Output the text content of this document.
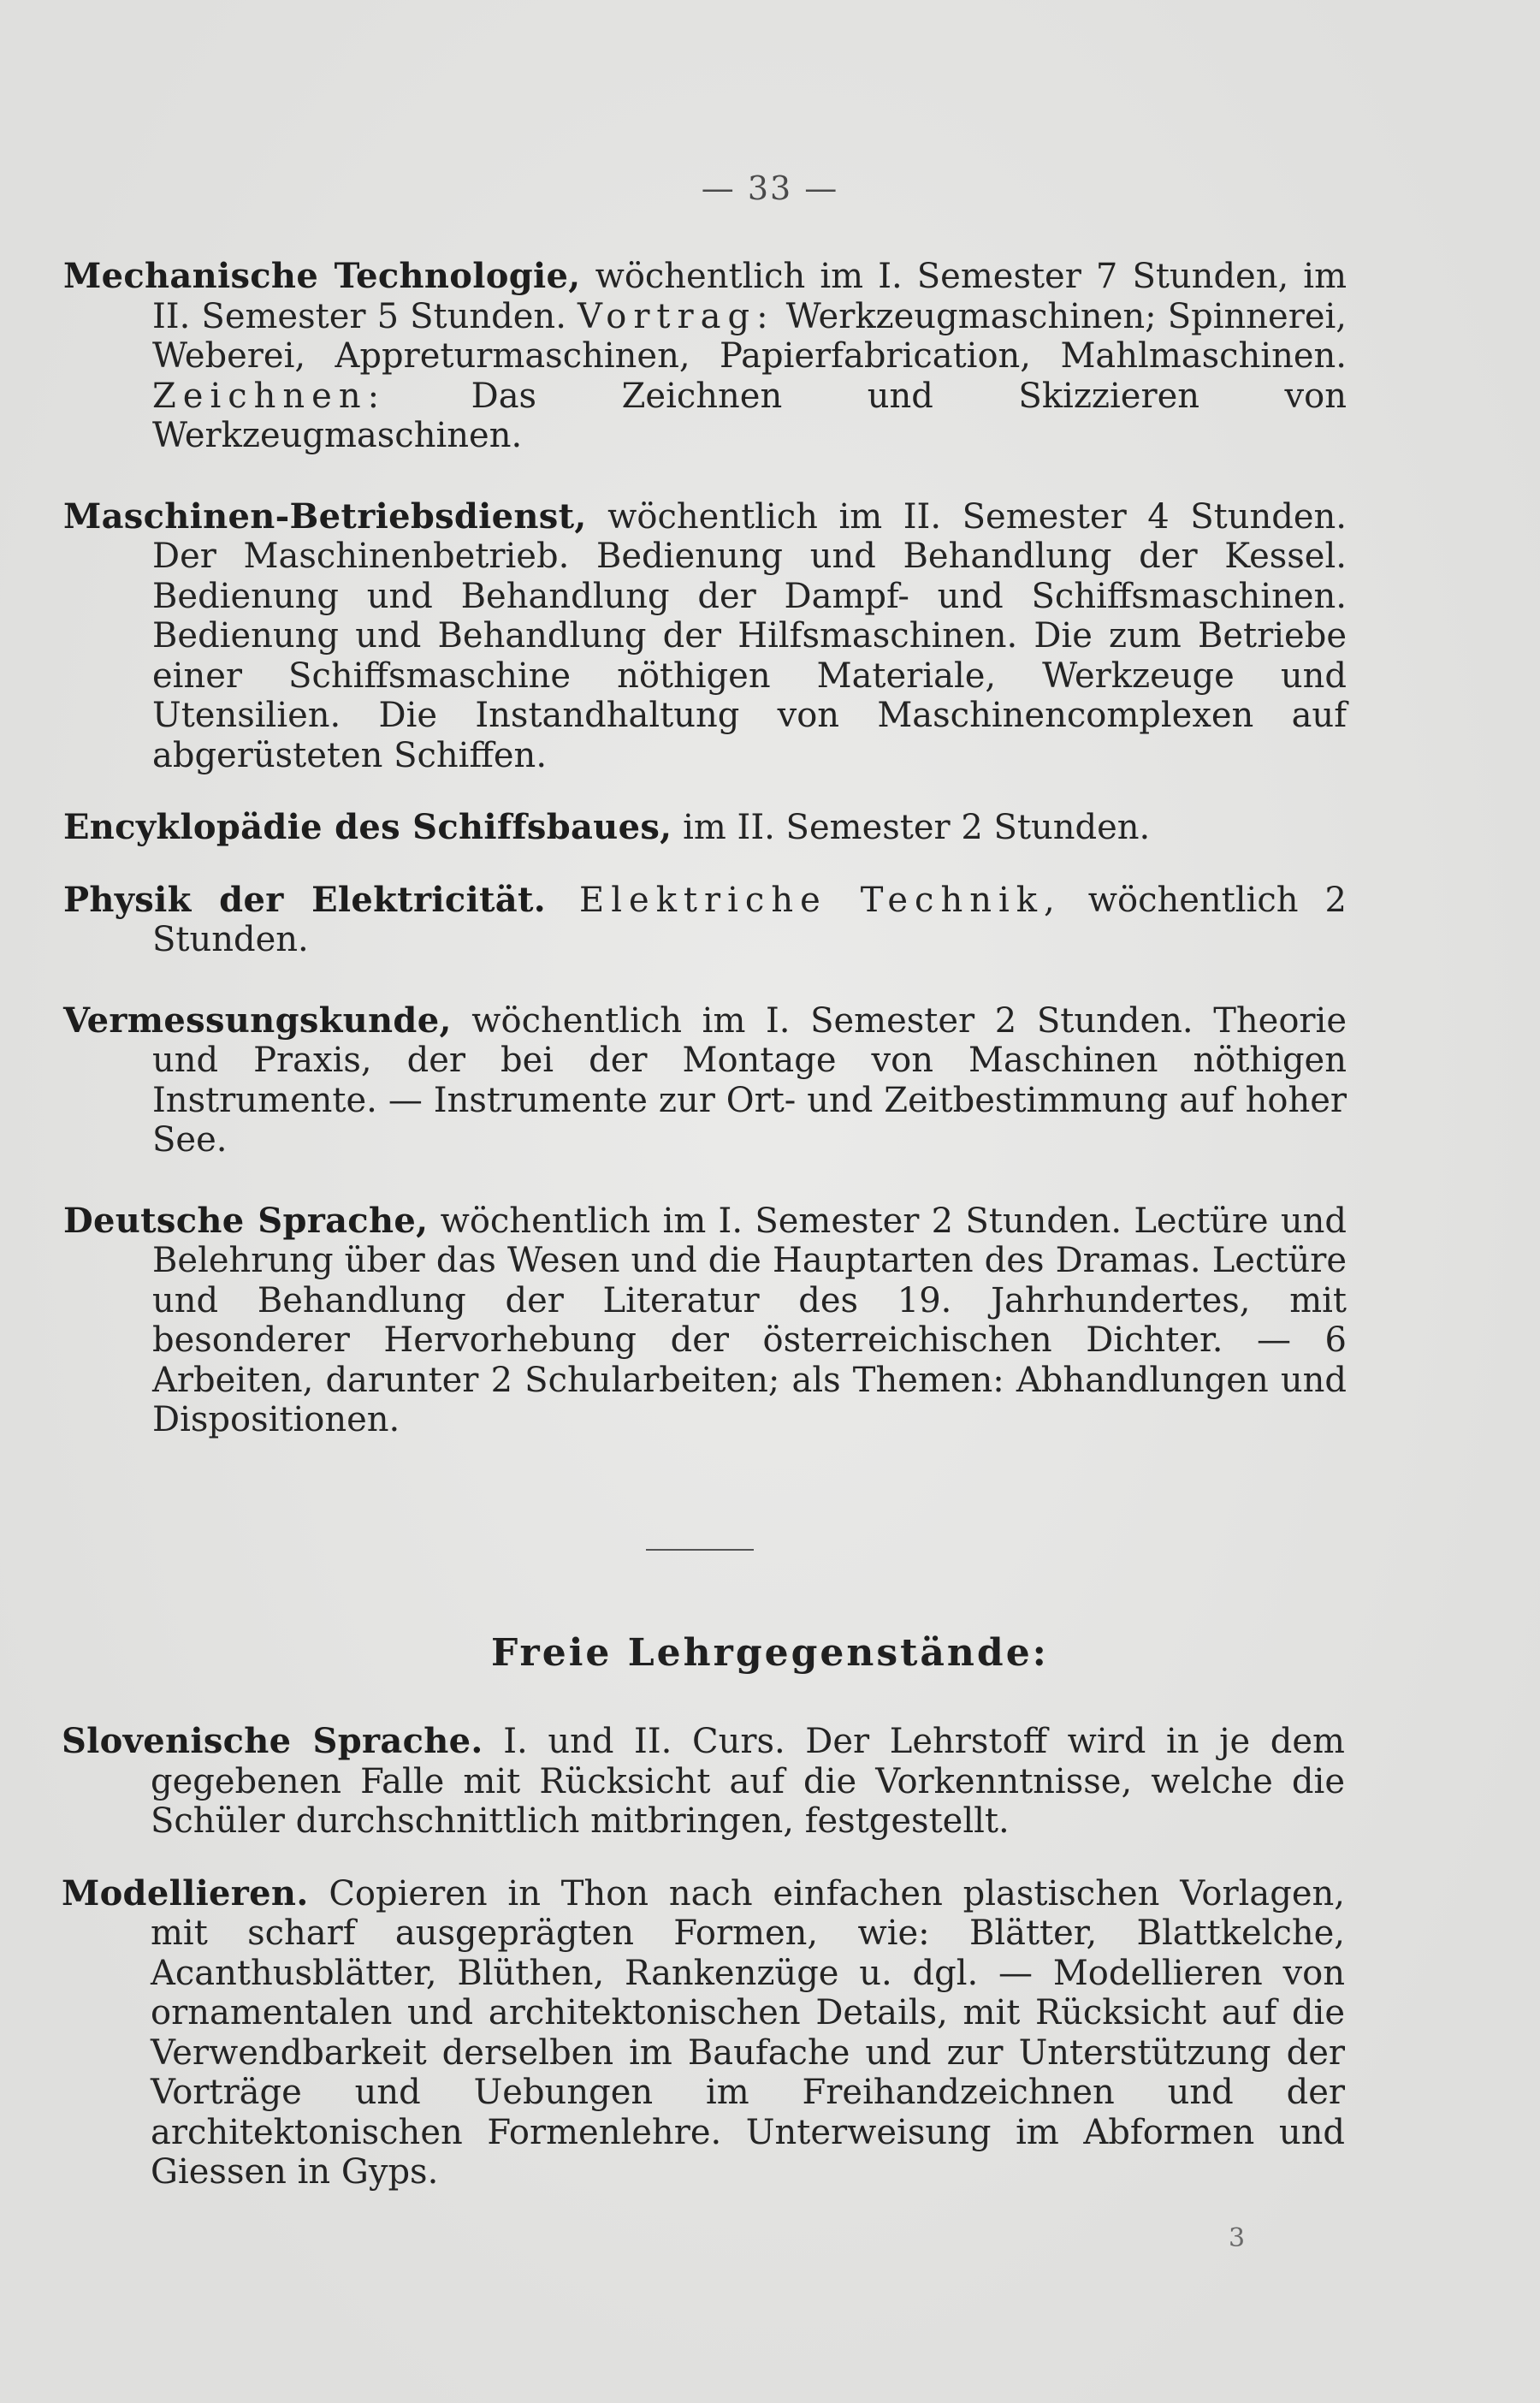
— 33 —

Mechanische Technologie, wöchentlich im I. Semester 7 Stunden, im II. Semester 5 Stunden. Vortrag: Werkzeugmaschinen; Spinnerei, Weberei, Appreturmaschinen, Papierfabrication, Mahlmaschinen. Zeichnen: Das Zeichnen und Skizzieren von Werkzeugmaschinen.

Maschinen-Betriebsdienst, wöchentlich im II. Semester 4 Stunden. Der Maschinenbetrieb. Bedienung und Behandlung der Kessel. Bedienung und Behandlung der Dampf- und Schiffsmaschinen. Bedienung und Behandlung der Hilfsmaschinen. Die zum Betriebe einer Schiffsmaschine nöthigen Materiale, Werkzeuge und Utensilien. Die Instandhaltung von Maschinencomplexen auf abgerüsteten Schiffen.

Encyklopädie des Schiffsbaues, im II. Semester 2 Stunden.

Physik der Elektricität. Elektriche Technik, wöchentlich 2 Stunden.

Vermessungskunde, wöchentlich im I. Semester 2 Stunden. Theorie und Praxis, der bei der Montage von Maschinen nöthigen Instrumente. — Instrumente zur Ort- und Zeitbestimmung auf hoher See.

Deutsche Sprache, wöchentlich im I. Semester 2 Stunden. Lectüre und Belehrung über das Wesen und die Hauptarten des Dramas. Lectüre und Behandlung der Literatur des 19. Jahrhundertes, mit besonderer Hervorhebung der österreichischen Dichter. — 6 Arbeiten, darunter 2 Schularbeiten; als Themen: Abhandlungen und Dispositionen.

Freie Lehrgegenstände:

Slovenische Sprache. I. und II. Curs. Der Lehrstoff wird in je dem gegebenen Falle mit Rücksicht auf die Vorkenntnisse, welche die Schüler durchschnittlich mitbringen, festgestellt.

Modellieren. Copieren in Thon nach einfachen plastischen Vorlagen, mit scharf ausgeprägten Formen, wie: Blätter, Blattkelche, Acanthusblätter, Blüthen, Rankenzüge u. dgl. — Modellieren von ornamentalen und architektonischen Details, mit Rücksicht auf die Verwendbarkeit derselben im Baufache und zur Unterstützung der Vorträge und Uebungen im Freihandzeichnen und der architektonischen Formenlehre. Unterweisung im Abformen und Giessen in Gyps.

3
